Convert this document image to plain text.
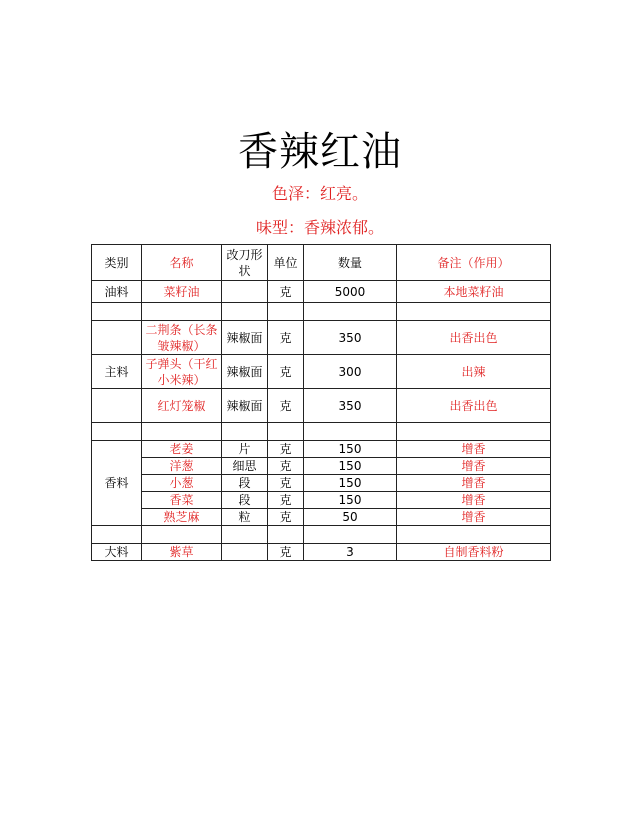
香辣红油
色泽：红亮。
味型：香辣浓郁。
类别	名称	改刀形状	单位	数量	备注（作用）
油料	菜籽油		克	5000	本地菜籽油

	二荆条（长条皱辣椒）	辣椒面	克	350	出香出色
主料	子弹头（干红小米辣）	辣椒面	克	300	出辣
	红灯笼椒	辣椒面	克	350	出香出色

香料	老姜	片	克	150	增香
	洋葱	细思	克	150	增香
	小葱	段	克	150	增香
	香菜	段	克	150	增香
	熟芝麻	粒	克	50	增香

大料	紫草		克	3	自制香料粉
